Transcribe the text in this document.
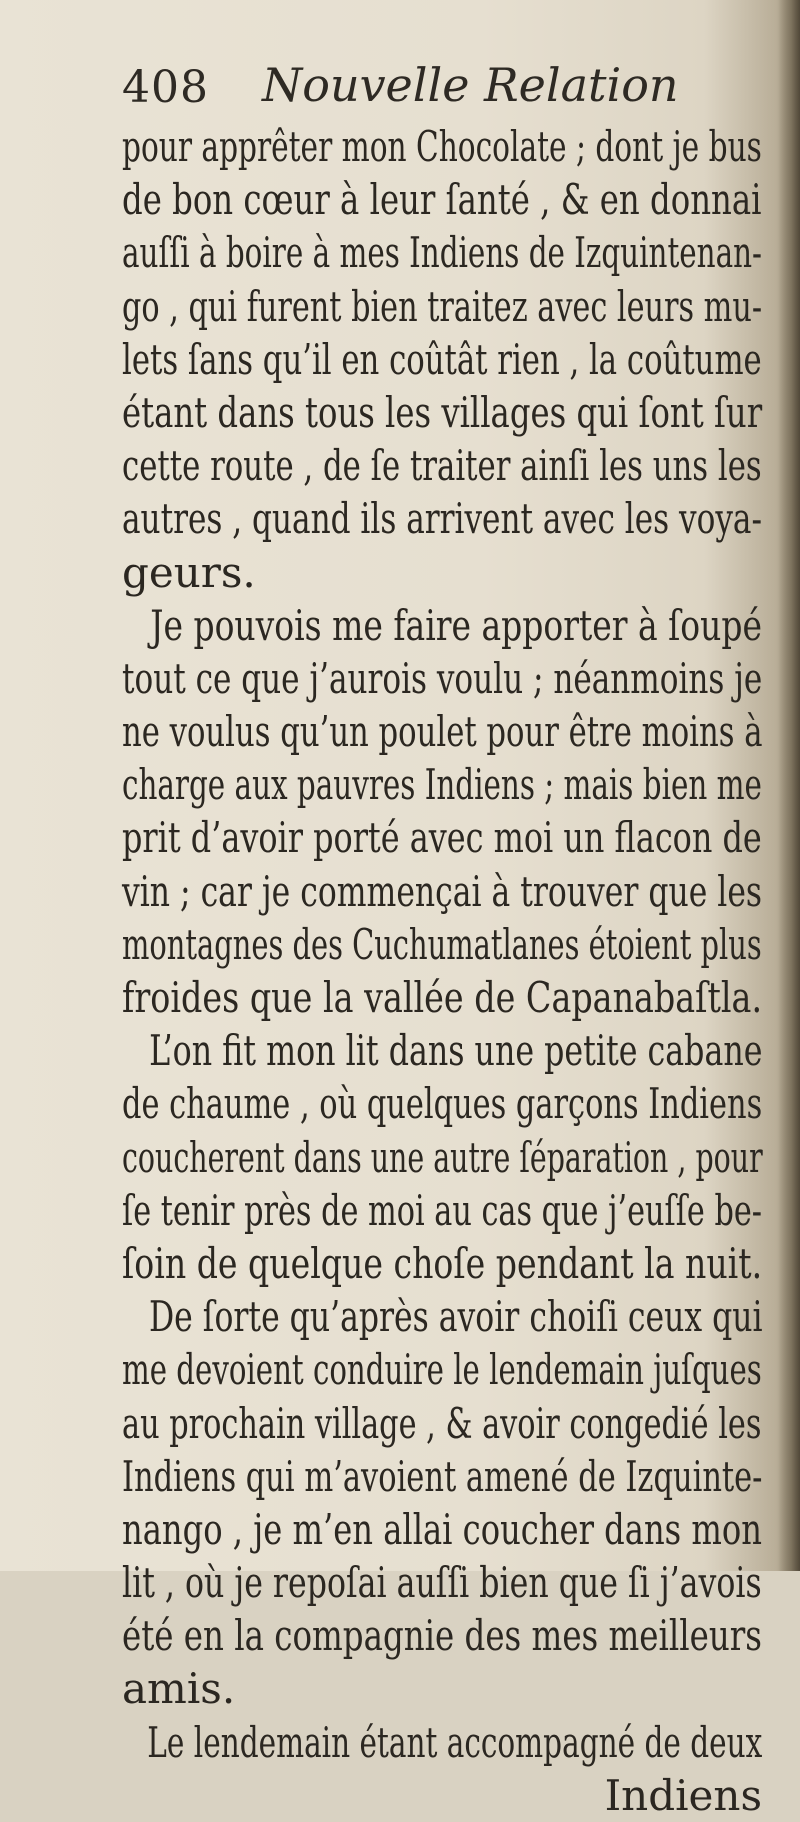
408 Nouvelle Relation
pour apprêter mon Chocolate ; dont je bus
de bon cœur à leur ſanté , & en donnai
auſſi à boire à mes Indiens de Izquintenan-
go , qui furent bien traitez avec leurs mu-
lets ſans qu’il en coûtât rien , la coûtume
étant dans tous les villages qui ſont ſur
cette route , de ſe traiter ainſi les uns les
autres , quand ils arrivent avec les voya-
geurs.
Je pouvois me faire apporter à ſoupé
tout ce que j’aurois voulu ; néanmoins je
ne voulus qu’un poulet pour être moins à
charge aux pauvres Indiens ; mais bien me
prit d’avoir porté avec moi un flacon de
vin ; car je commençai à trouver que les
montagnes des Cuchumatlanes étoient plus
froides que la vallée de Capanabaſtla.
L’on fit mon lit dans une petite cabane
de chaume , où quelques garçons Indiens
coucherent dans une autre ſéparation , pour
ſe tenir près de moi au cas que j’euſſe be-
ſoin de quelque choſe pendant la nuit.
De ſorte qu’après avoir choiſi ceux qui
me devoient conduire le lendemain juſques
au prochain village , & avoir congedié les
Indiens qui m’avoient amené de Izquinte-
nango , je m’en allai coucher dans mon
lit , où je repoſai auſſi bien que ſi j’avois
été en la compagnie des mes meilleurs
amis.
Le lendemain étant accompagné de deux
Indiens
